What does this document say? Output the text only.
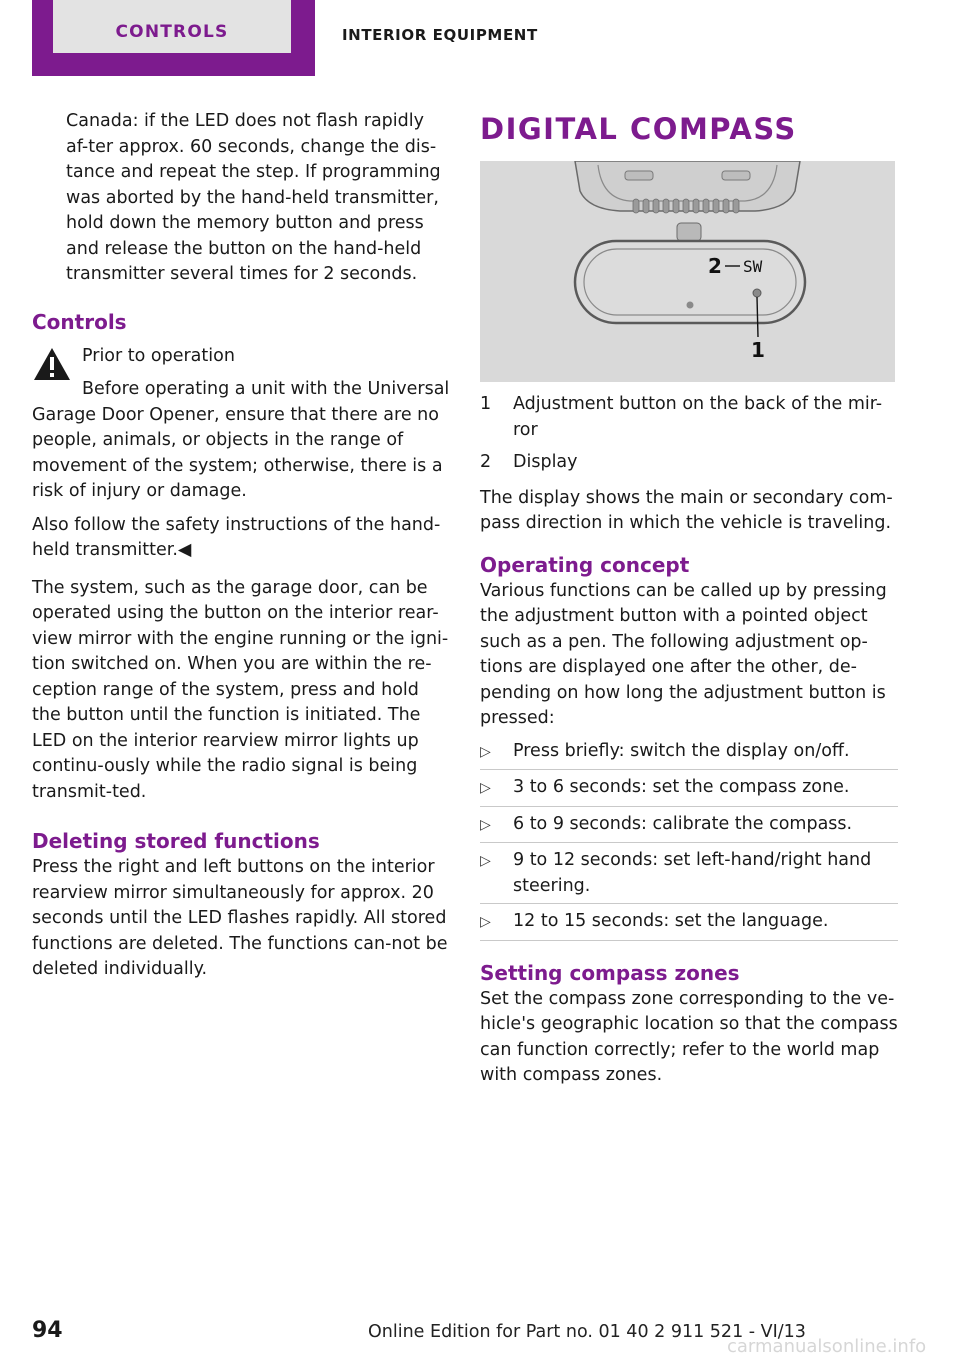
CONTROLS	INTERIOR EQUIPMENT

Canada: if the LED does not flash rapidly af-ter approx. 60 seconds, change the dis-tance and repeat the step. If programming was aborted by the hand-held transmitter, hold down the memory button and press and release the button on the hand-held transmitter several times for 2 seconds.

Controls

Prior to operation

Before operating a unit with the Universal Garage Door Opener, ensure that there are no people, animals, or objects in the range of movement of the system; otherwise, there is a risk of injury or damage.

Also follow the safety instructions of the hand-held transmitter.◀

The system, such as the garage door, can be operated using the button on the interior rear-view mirror with the engine running or the igni-tion switched on. When you are within the re-ception range of the system, press and hold the button until the function is initiated. The LED on the interior rearview mirror lights up continu-ously while the radio signal is being transmit-ted.

Deleting stored functions

Press the right and left buttons on the interior rearview mirror simultaneously for approx. 20 seconds until the LED flashes rapidly. All stored functions are deleted. The functions can-not be deleted individually.

DIGITAL COMPASS
2 SW
1
1	Adjustment button on the back of the mir-ror
2	Display

The display shows the main or secondary com-pass direction in which the vehicle is traveling.

Operating concept

Various functions can be called up by pressing the adjustment button with a pointed object such as a pen. The following adjustment op-tions are displayed one after the other, de-pending on how long the adjustment button is pressed:

▷	Press briefly: switch the display on/off.
▷	3 to 6 seconds: set the compass zone.
▷	6 to 9 seconds: calibrate the compass.
▷	9 to 12 seconds: set left-hand/right hand steering.
▷	12 to 15 seconds: set the language.
Setting compass zones

Set the compass zone corresponding to the ve-hicle's geographic location so that the compass can function correctly; refer to the world map with compass zones.

94	Online Edition for Part no. 01 40 2 911 521 - VI/13
carmanualsonline.info
